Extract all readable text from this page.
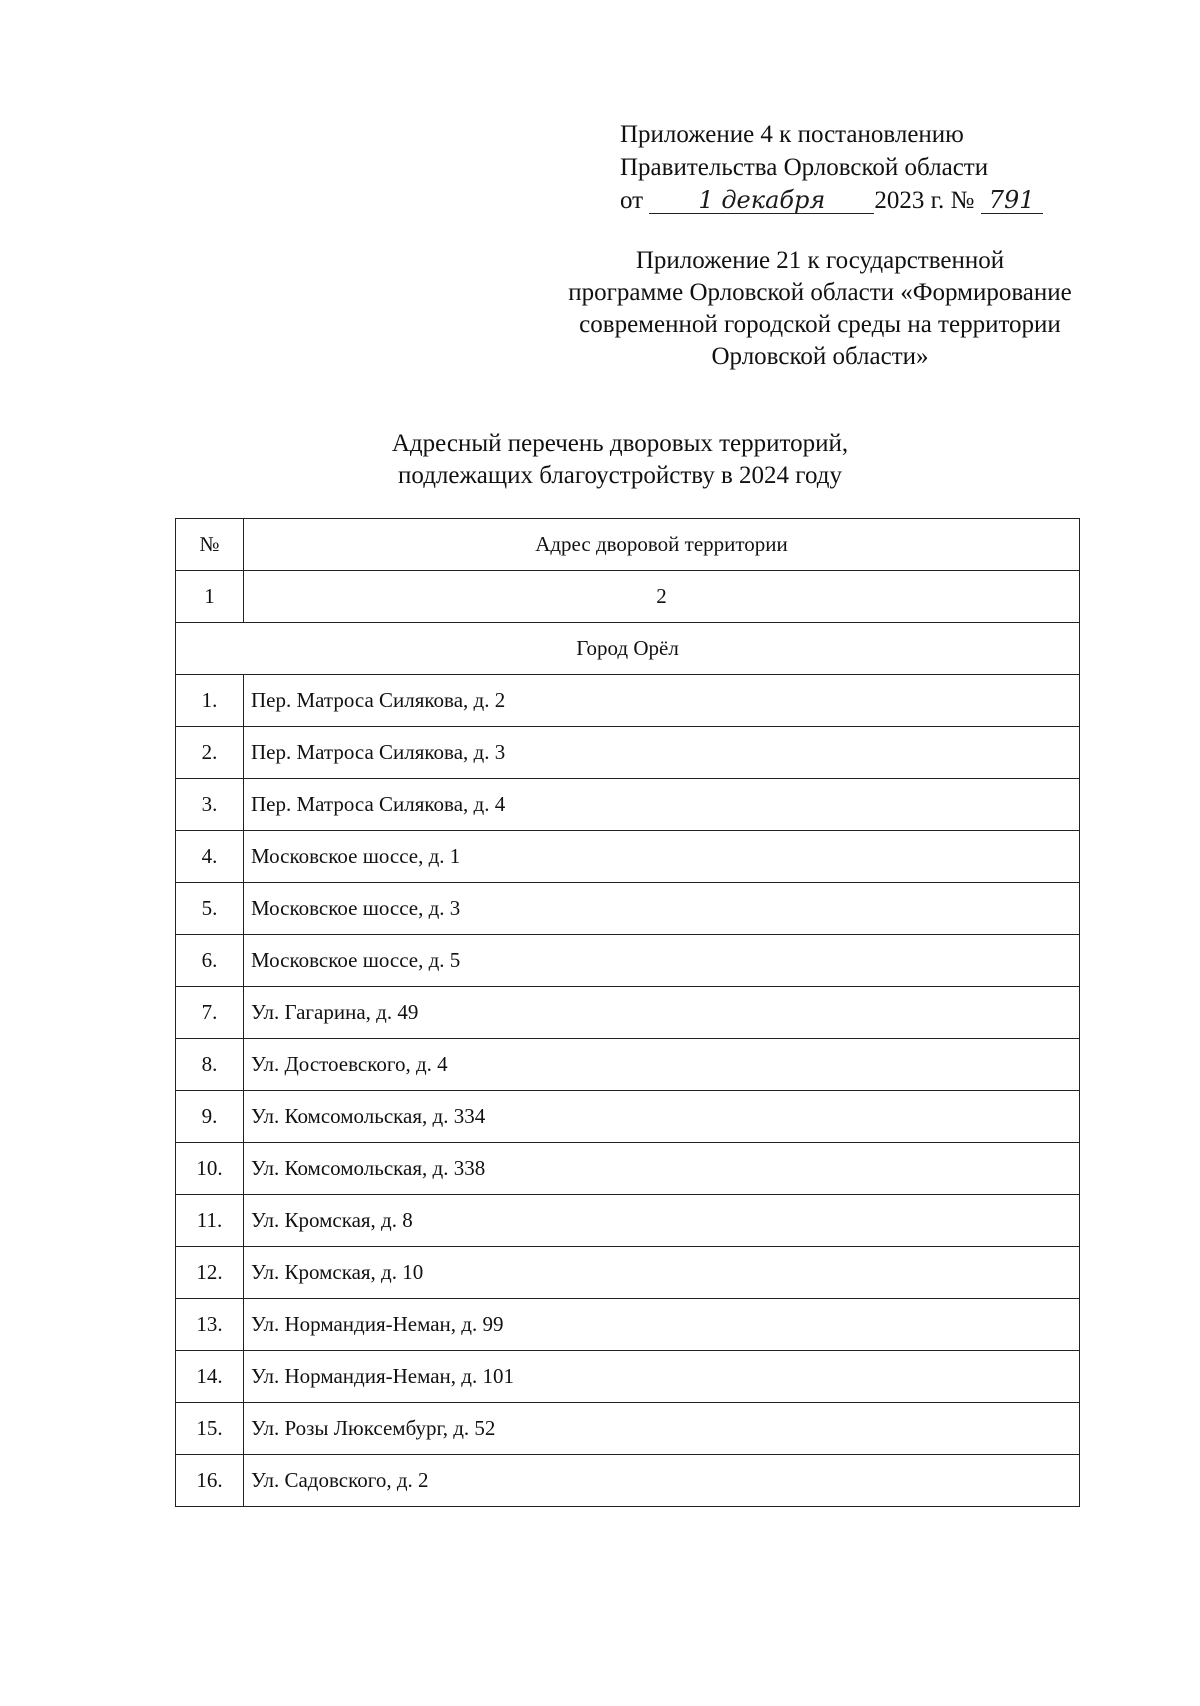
Приложение 4 к постановлению
Правительства Орловской области
от 1 декабря 2023 г. № 791
Приложение 21 к государственной
программе Орловской области «Формирование
современной городской среды на территории
Орловской области»
Адресный перечень дворовых территорий,
подлежащих благоустройству в 2024 году
№	Адрес дворовой территории
1	2
Город Орёл	
1.	Пер. Матроса Силякова, д. 2
2.	Пер. Матроса Силякова, д. 3
3.	Пер. Матроса Силякова, д. 4
4.	Московское шоссе, д. 1
5.	Московское шоссе, д. 3
6.	Московское шоссе, д. 5
7.	Ул. Гагарина, д. 49
8.	Ул. Достоевского, д. 4
9.	Ул. Комсомольская, д. 334
10.	Ул. Комсомольская, д. 338
11.	Ул. Кромская, д. 8
12.	Ул. Кромская, д. 10
13.	Ул. Нормандия-Неман, д. 99
14.	Ул. Нормандия-Неман, д. 101
15.	Ул. Розы Люксембург, д. 52
16.	Ул. Садовского, д. 2
